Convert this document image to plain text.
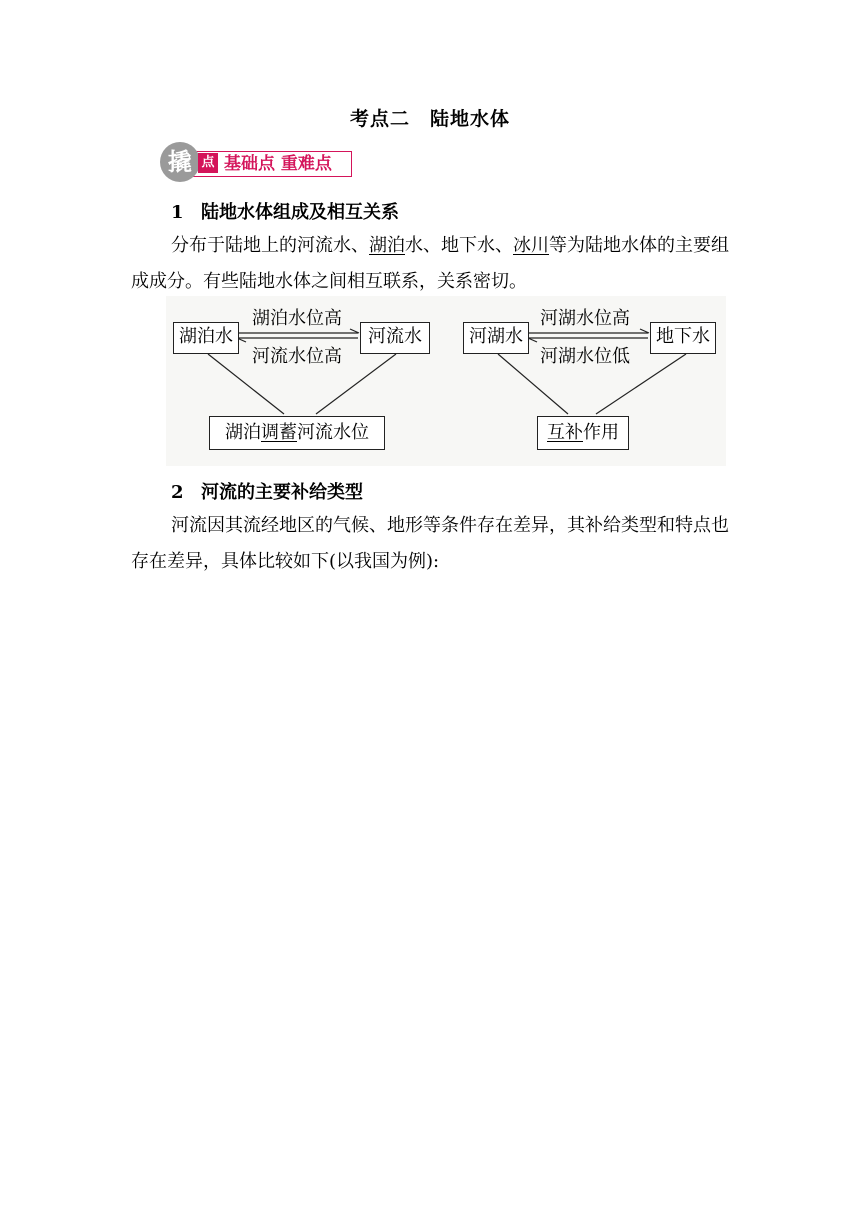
考点二　陆地水体
撬 点 基础点 重难点
1 陆地水体组成及相互关系
分布于陆地上的河流水、湖泊水、地下水、冰川等为陆地水体的主要组成成分。有些陆地水体之间相互联系，关系密切。
湖泊水	河流水
湖泊水位高
河流水位高
湖泊调蓄河流水位
河湖水	地下水
河湖水位高
河湖水位低
互补作用
2 河流的主要补给类型
河流因其流经地区的气候、地形等条件存在差异，其补给类型和特点也存在差异，具体比较如下(以我国为例):
